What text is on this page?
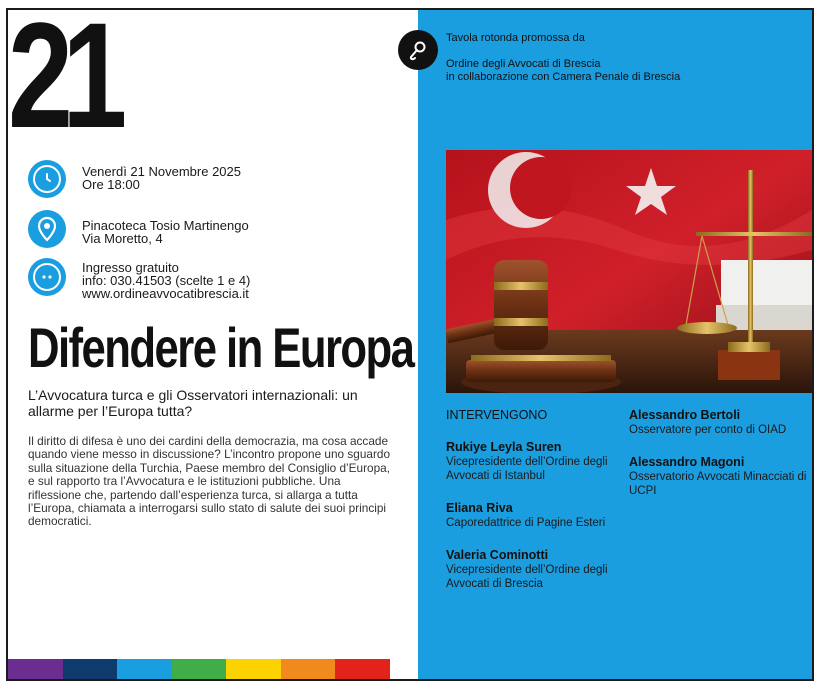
21
Venerdì 21 Novembre 2025
Ore 18:00
Pinacoteca Tosio Martinengo
Via Moretto, 4
Ingresso gratuito
info: 030.41503 (scelte 1 e 4)
www.ordineavvocatibrescia.it
Difendere in Europa
L’Avvocatura turca e gli Osservatori internazionali: un allarme per l’Europa tutta?
Il diritto di difesa è uno dei cardini della democrazia, ma cosa accade quando viene messo in discussione? L’incontro propone uno sguardo sulla situazione della Turchia, Paese membro del Consiglio d’Europa, e sul rapporto tra l’Avvocatura e le istituzioni pubbliche. Una riflessione che, partendo dall’esperienza turca, si allarga a tutta l’Europa, chiamata a interrogarsi sullo stato di salute dei suoi principi democratici.
Tavola rotonda promossa da
Ordine degli Avvocati di Brescia
in collaborazione con Camera Penale di Brescia
INTERVENGONO
Rukiye Leyla Suren
Vicepresidente dell’Ordine degli Avvocati di Istanbul
Eliana Riva
Caporedattrice di Pagine Esteri
Valeria Cominotti
Vicepresidente dell’Ordine degli Avvocati di Brescia
Alessandro Bertoli
Osservatore per conto di OIAD
Alessandro Magoni
Osservatorio Avvocati Minacciati di UCPI
